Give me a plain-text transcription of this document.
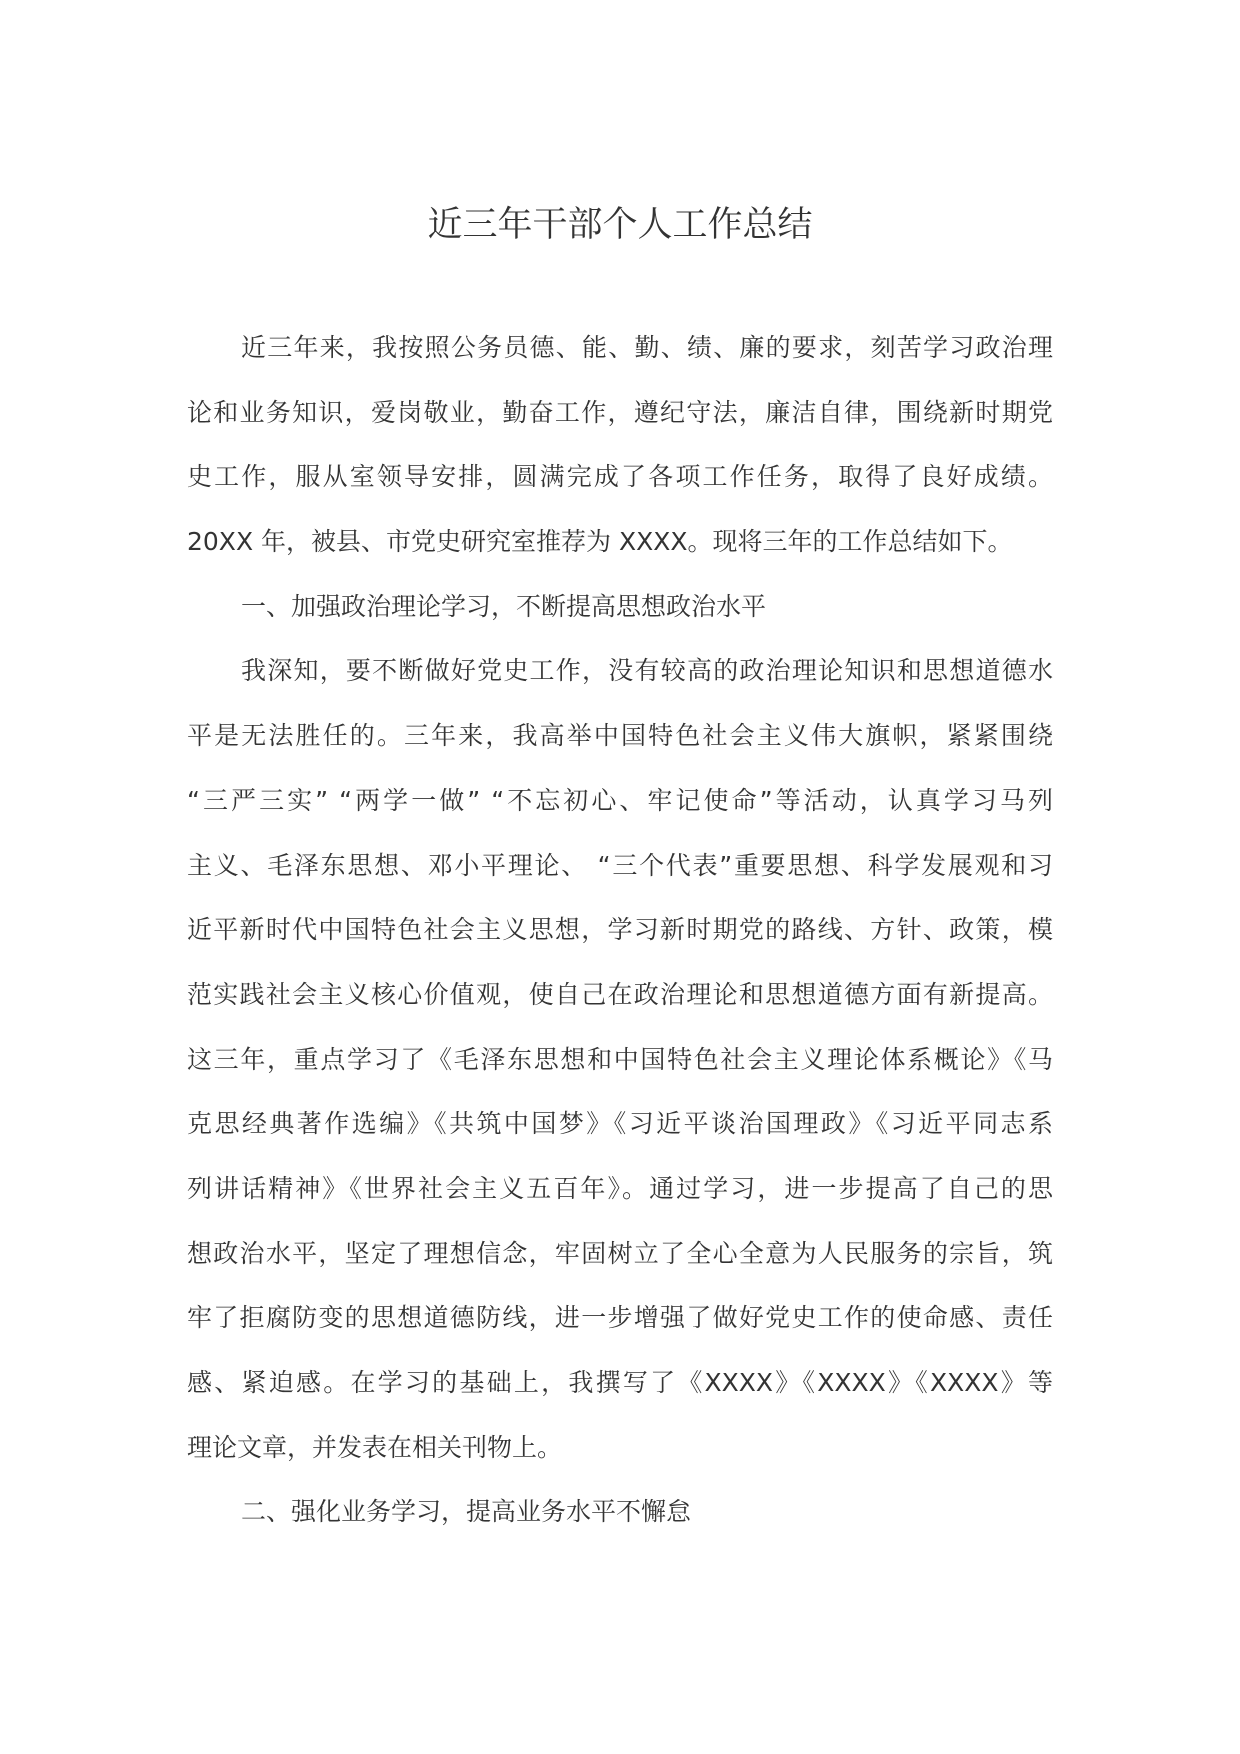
近三年干部个人工作总结
近三年来，我按照公务员德、能、勤、绩、廉的要求，刻苦学习政治理
论和业务知识，爱岗敬业，勤奋工作，遵纪守法，廉洁自律，围绕新时期党
史工作，服从室领导安排，圆满完成了各项工作任务，取得了良好成绩。
20XX 年，被县、市党史研究室推荐为 XXXX。现将三年的工作总结如下。
一、加强政治理论学习，不断提高思想政治水平
我深知，要不断做好党史工作，没有较高的政治理论知识和思想道德水
平是无法胜任的。三年来，我高举中国特色社会主义伟大旗帜，紧紧围绕
“三严三实” “两学一做” “不忘初心、牢记使命”等活动，认真学习马列
主义、毛泽东思想、邓小平理论、 “三个代表”重要思想、科学发展观和习
近平新时代中国特色社会主义思想，学习新时期党的路线、方针、政策，模
范实践社会主义核心价值观，使自己在政治理论和思想道德方面有新提高。
这三年，重点学习了《毛泽东思想和中国特色社会主义理论体系概论》《马
克思经典著作选编》《共筑中国梦》《习近平谈治国理政》《习近平同志系
列讲话精神》《世界社会主义五百年》。通过学习，进一步提高了自己的思
想政治水平，坚定了理想信念，牢固树立了全心全意为人民服务的宗旨，筑
牢了拒腐防变的思想道德防线，进一步增强了做好党史工作的使命感、责任
感、紧迫感。在学习的基础上，我撰写了《XXXX》《XXXX》《XXXX》等
理论文章，并发表在相关刊物上。
二、强化业务学习，提高业务水平不懈怠
